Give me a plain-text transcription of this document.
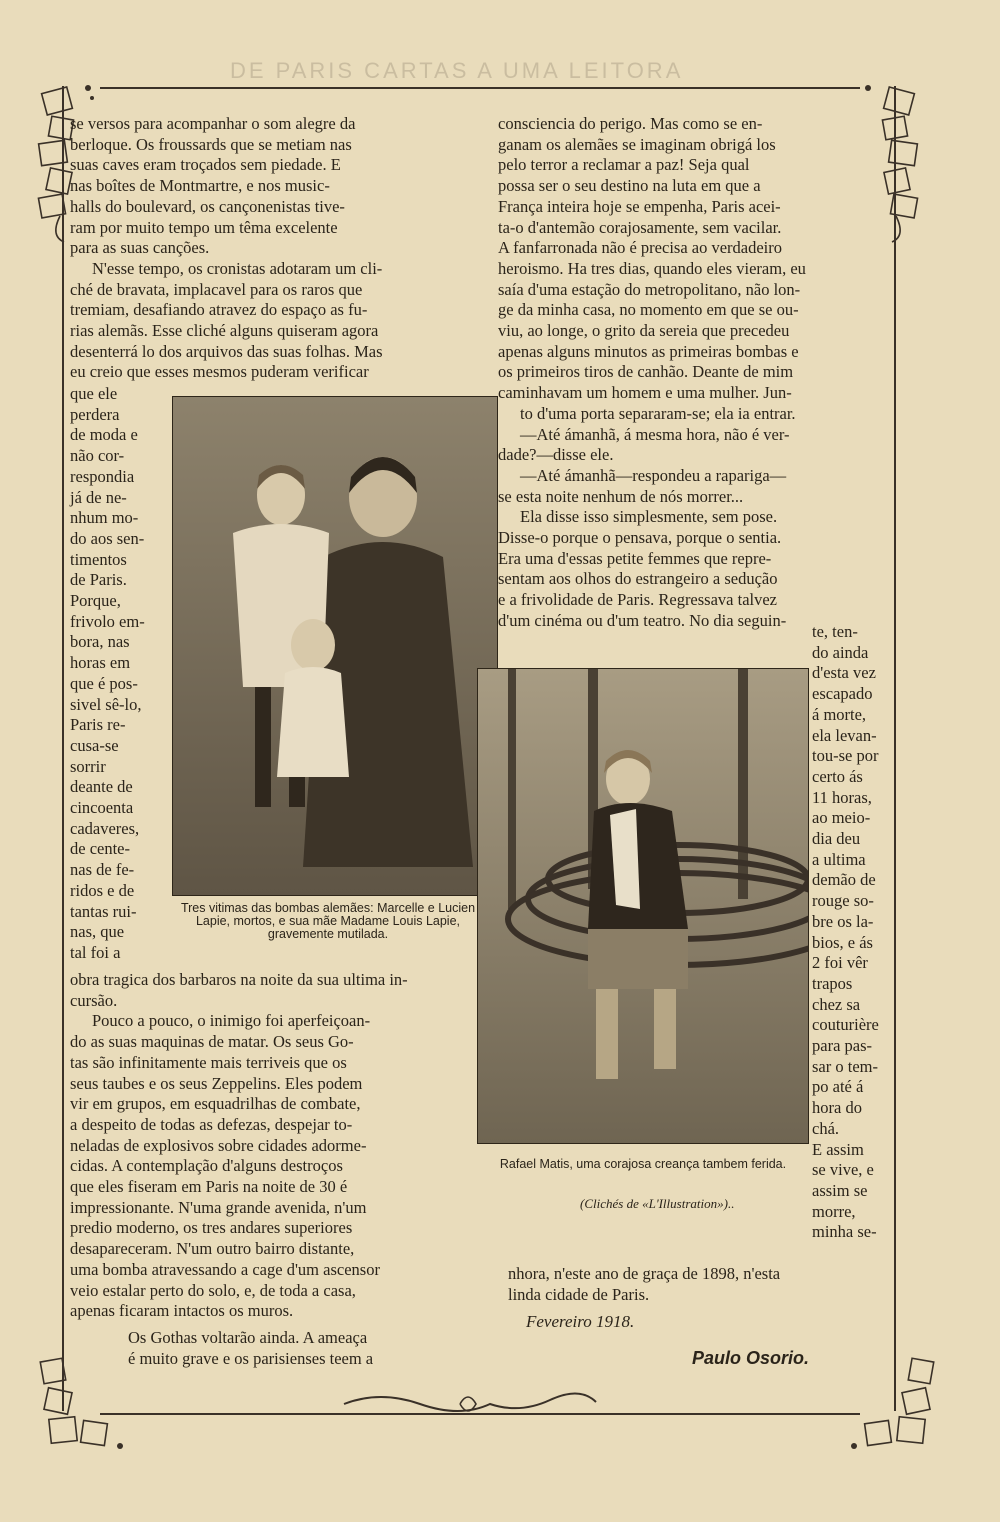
DE PARIS CARTAS A UMA LEITORA

se versos para acompanhar o som alegre da

berloque. Os froussards que se metiam nas

suas caves eram troçados sem piedade. E

nas boîtes de Montmartre, e nos music-

halls do boulevard, os cançonenistas tive-

ram por muito tempo um têma excelente

para as suas canções.

N'esse tempo, os cronistas adotaram um cli-

ché de bravata, implacavel para os raros que

tremiam, desafiando atravez do espaço as fu-

rias alemãs. Esse cliché alguns quiseram agora

desenterrá lo dos arquivos das suas folhas. Mas

eu creio que esses mesmos puderam verificar

que ele

perdera

de moda e

não cor-

respondia

já de ne-

nhum mo-

do aos sen-

timentos

de Paris.

Porque,

frivolo em-

bora, nas

horas em

que é pos-

sivel sê-lo,

Paris re-

cusa-se

sorrir

deante de

cincoenta

cadaveres,

de cente-

nas de fe-

ridos e de

tantas rui-

nas, que

tal foi a

Tres vitimas das bombas alemães: Marcelle e Lucien Lapie, mortos, e sua mãe Madame Louis Lapie, gravemente mutilada.

obra tragica dos barbaros na noite da sua ultima in-

cursão.

Pouco a pouco, o inimigo foi aperfeiçoan-

do as suas maquinas de matar. Os seus Go-

tas são infinitamente mais terriveis que os

seus taubes e os seus Zeppelins. Eles podem

vir em grupos, em esquadrilhas de combate,

a despeito de todas as defezas, despejar to-

neladas de explosivos sobre cidades adorme-

cidas. A contemplação d'alguns destroços

que eles fiseram em Paris na noite de 30 é

impressionante. N'uma grande avenida, n'um

predio moderno, os tres andares superiores

desapareceram. N'um outro bairro distante,

uma bomba atravessando a cage d'um ascensor

veio estalar perto do solo, e, de toda a casa,

apenas ficaram intactos os muros.

Os Gothas voltarão ainda. A ameaça

é muito grave e os parisienses teem a

consciencia do perigo. Mas como se en-

ganam os alemães se imaginam obrigá los

pelo terror a reclamar a paz! Seja qual

possa ser o seu destino na luta em que a

França inteira hoje se empenha, Paris acei-

ta-o d'antemão corajosamente, sem vacilar.

A fanfarronada não é precisa ao verdadeiro

heroismo. Ha tres dias, quando eles vieram, eu

saía d'uma estação do metropolitano, não lon-

ge da minha casa, no momento em que se ou-

viu, ao longe, o grito da sereia que precedeu

apenas alguns minutos as primeiras bombas e

os primeiros tiros de canhão. Deante de mim

caminhavam um homem e uma mulher. Jun-

to d'uma porta separaram-se; ela ia entrar.

—Até ámanhã, á mesma hora, não é ver-

dade?—disse ele.

—Até ámanhã—respondeu a rapariga—

se esta noite nenhum de nós morrer...

Ela disse isso simplesmente, sem pose.

Disse-o porque o pensava, porque o sentia.

Era uma d'essas petite femmes que repre-

sentam aos olhos do estrangeiro a sedução

e a frivolidade de Paris. Regressava talvez

d'um cinéma ou d'um teatro. No dia seguin-

te, ten-

do ainda

d'esta vez

escapado

á morte,

ela levan-

tou-se por

certo ás

11 horas,

ao meio-

dia deu

a ultima

demão de

rouge so-

bre os la-

bios, e ás

2 foi vêr

trapos

chez sa

couturière

para pas-

sar o tem-

po até á

hora do

chá.

E assim

se vive, e

assim se

morre,

minha se-

Rafael Matis, uma corajosa creança tambem ferida.
(Clichés de «L'Illustration»)..

nhora, n'este ano de graça de 1898, n'esta

linda cidade de Paris.

Fevereiro 1918.
Paulo Osorio.
